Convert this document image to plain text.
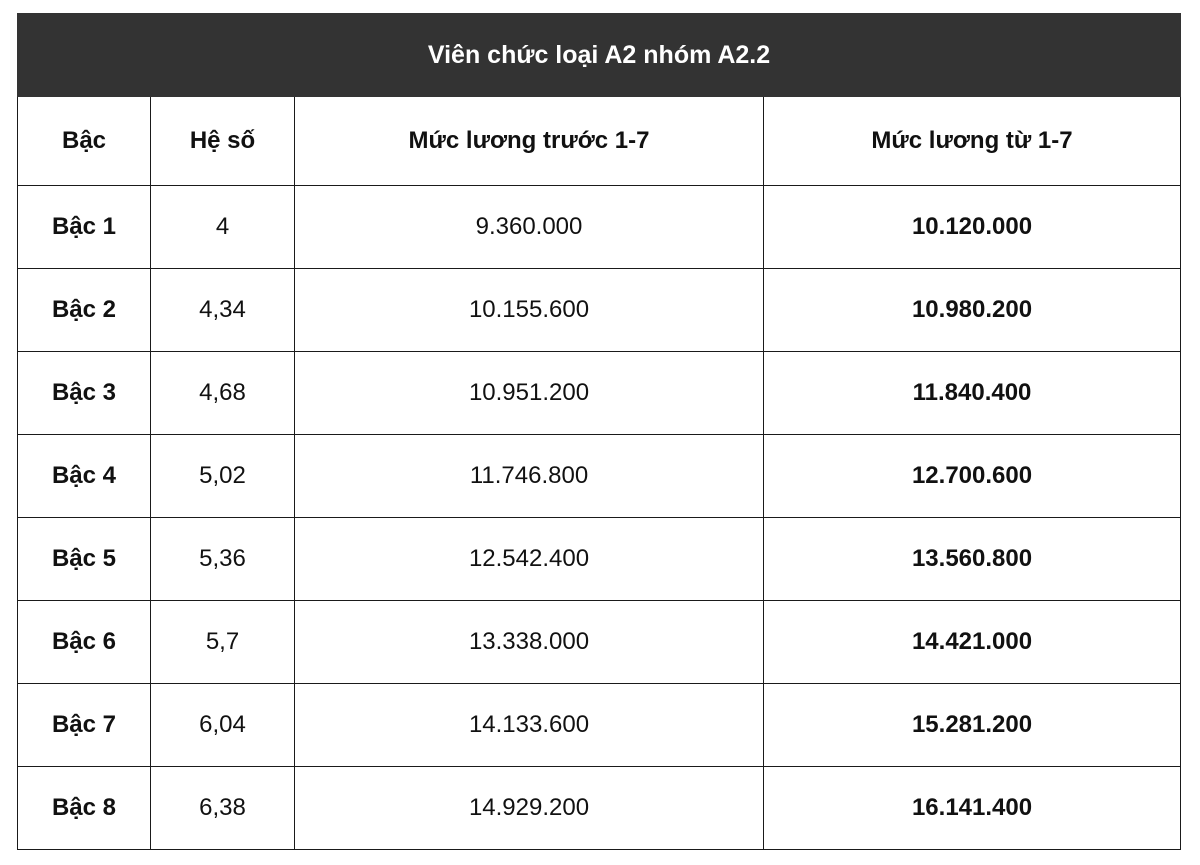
Viên chức loại A2 nhóm A2.2			
Bậc	Hệ số	Mức lương trước 1-7	Mức lương từ 1-7
Bậc 1	4	9.360.000	10.120.000
Bậc 2	4,34	10.155.600	10.980.200
Bậc 3	4,68	10.951.200	11.840.400
Bậc 4	5,02	11.746.800	12.700.600
Bậc 5	5,36	12.542.400	13.560.800
Bậc 6	5,7	13.338.000	14.421.000
Bậc 7	6,04	14.133.600	15.281.200
Bậc 8	6,38	14.929.200	16.141.400
